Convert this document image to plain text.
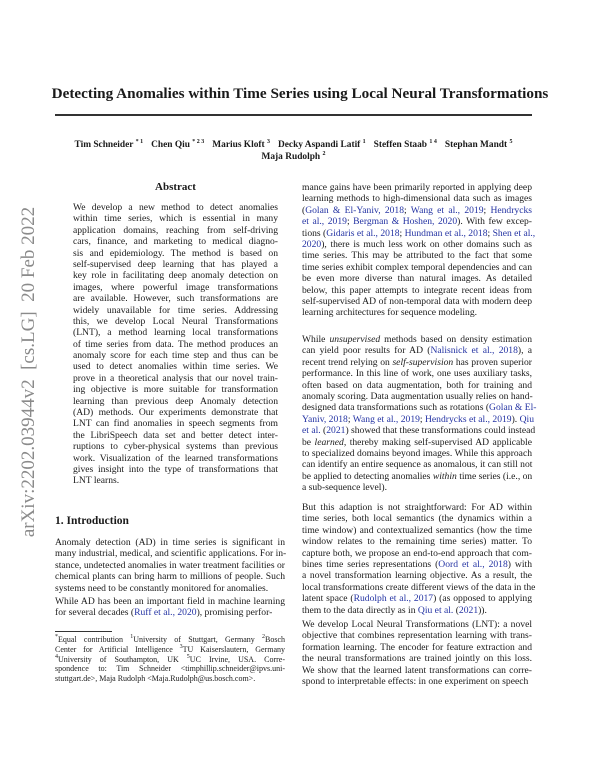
arXiv:2202.03944v2  [cs.LG]  20 Feb 2022
Detecting Anomalies within Time Series using Local Neural Transformations
Tim Schneider $^{* 1}$ Chen Qiu $^{* 2 3}$ Marius Kloft $^3$ Decky Aspandi Latif $^1$ Steffen Staab $^{1 4}$ Stephan Mandt $^5$
Maja Rudolph $^2$
Abstract
We develop a new method to detect anomalies
within time series, which is essential in many
application domains, reaching from self-driving
cars, finance, and marketing to medical diagno-
sis and epidemiology. The method is based on
self-supervised deep learning that has played a
key role in facilitating deep anomaly detection on
images, where powerful image transformations
are available. However, such transformations are
widely unavailable for time series. Addressing
this, we develop Local Neural Transformations
(LNT), a method learning local transformations
of time series from data. The method produces an
anomaly score for each time step and thus can be
used to detect anomalies within time series. We
prove in a theoretical analysis that our novel train-
ing objective is more suitable for transformation
learning than previous deep Anomaly detection
(AD) methods. Our experiments demonstrate that
LNT can find anomalies in speech segments from
the LibriSpeech data set and better detect inter-
ruptions to cyber-physical systems than previous
work. Visualization of the learned transformations
gives insight into the type of transformations that
LNT learns.
1. Introduction
Anomaly detection (AD) in time series is significant in
many industrial, medical, and scientific applications. For in-
stance, undetected anomalies in water treatment facilities or
chemical plants can bring harm to millions of people. Such
systems need to be constantly monitored for anomalies.
While AD has been an important field in machine learning
for several decades (Ruff et al., 2020), promising perfor-
*Equal contribution $^1$University of Stuttgart, Germany $^2$Bosch
Center for Artificial Intelligence $^3$TU Kaiserslautern, Germany
$^4$University of Southampton, UK $^5$UC Irvine, USA. Corre-
spondence to: Tim Schneider <timphillip.schneider@ipvs.uni-
stuttgart.de>, Maja Rudolph <Maja.Rudolph@us.bosch.com>.
mance gains have been primarily reported in applying deep
learning methods to high-dimensional data such as images
(Golan & El-Yaniv, 2018; Wang et al., 2019; Hendrycks
et al., 2019; Bergman & Hoshen, 2020). With few excep-
tions (Gidaris et al., 2018; Hundman et al., 2018; Shen et al.,
2020), there is much less work on other domains such as
time series. This may be attributed to the fact that some
time series exhibit complex temporal dependencies and can
be even more diverse than natural images. As detailed
below, this paper attempts to integrate recent ideas from
self-supervised AD of non-temporal data with modern deep
learning architectures for sequence modeling.
While unsupervised methods based on density estimation
can yield poor results for AD (Nalisnick et al., 2018), a
recent trend relying on self-supervision has proven superior
performance. In this line of work, one uses auxiliary tasks,
often based on data augmentation, both for training and
anomaly scoring. Data augmentation usually relies on hand-
designed data transformations such as rotations (Golan & El-
Yaniv, 2018; Wang et al., 2019; Hendrycks et al., 2019). Qiu
et al. (2021) showed that these transformations could instead
be learned, thereby making self-supervised AD applicable
to specialized domains beyond images. While this approach
can identify an entire sequence as anomalous, it can still not
be applied to detecting anomalies within time series (i.e., on
a sub-sequence level).
But this adaption is not straightforward: For AD within
time series, both local semantics (the dynamics within a
time window) and contextualized semantics (how the time
window relates to the remaining time series) matter. To
capture both, we propose an end-to-end approach that com-
bines time series representations (Oord et al., 2018) with
a novel transformation learning objective. As a result, the
local transformations create different views of the data in the
latent space (Rudolph et al., 2017) (as opposed to applying
them to the data directly as in Qiu et al. (2021)).
We develop Local Neural Transformations (LNT): a novel
objective that combines representation learning with trans-
formation learning. The encoder for feature extraction and
the neural transformations are trained jointly on this loss.
We show that the learned latent transformations can corre-
spond to interpretable effects: in one experiment on speech
